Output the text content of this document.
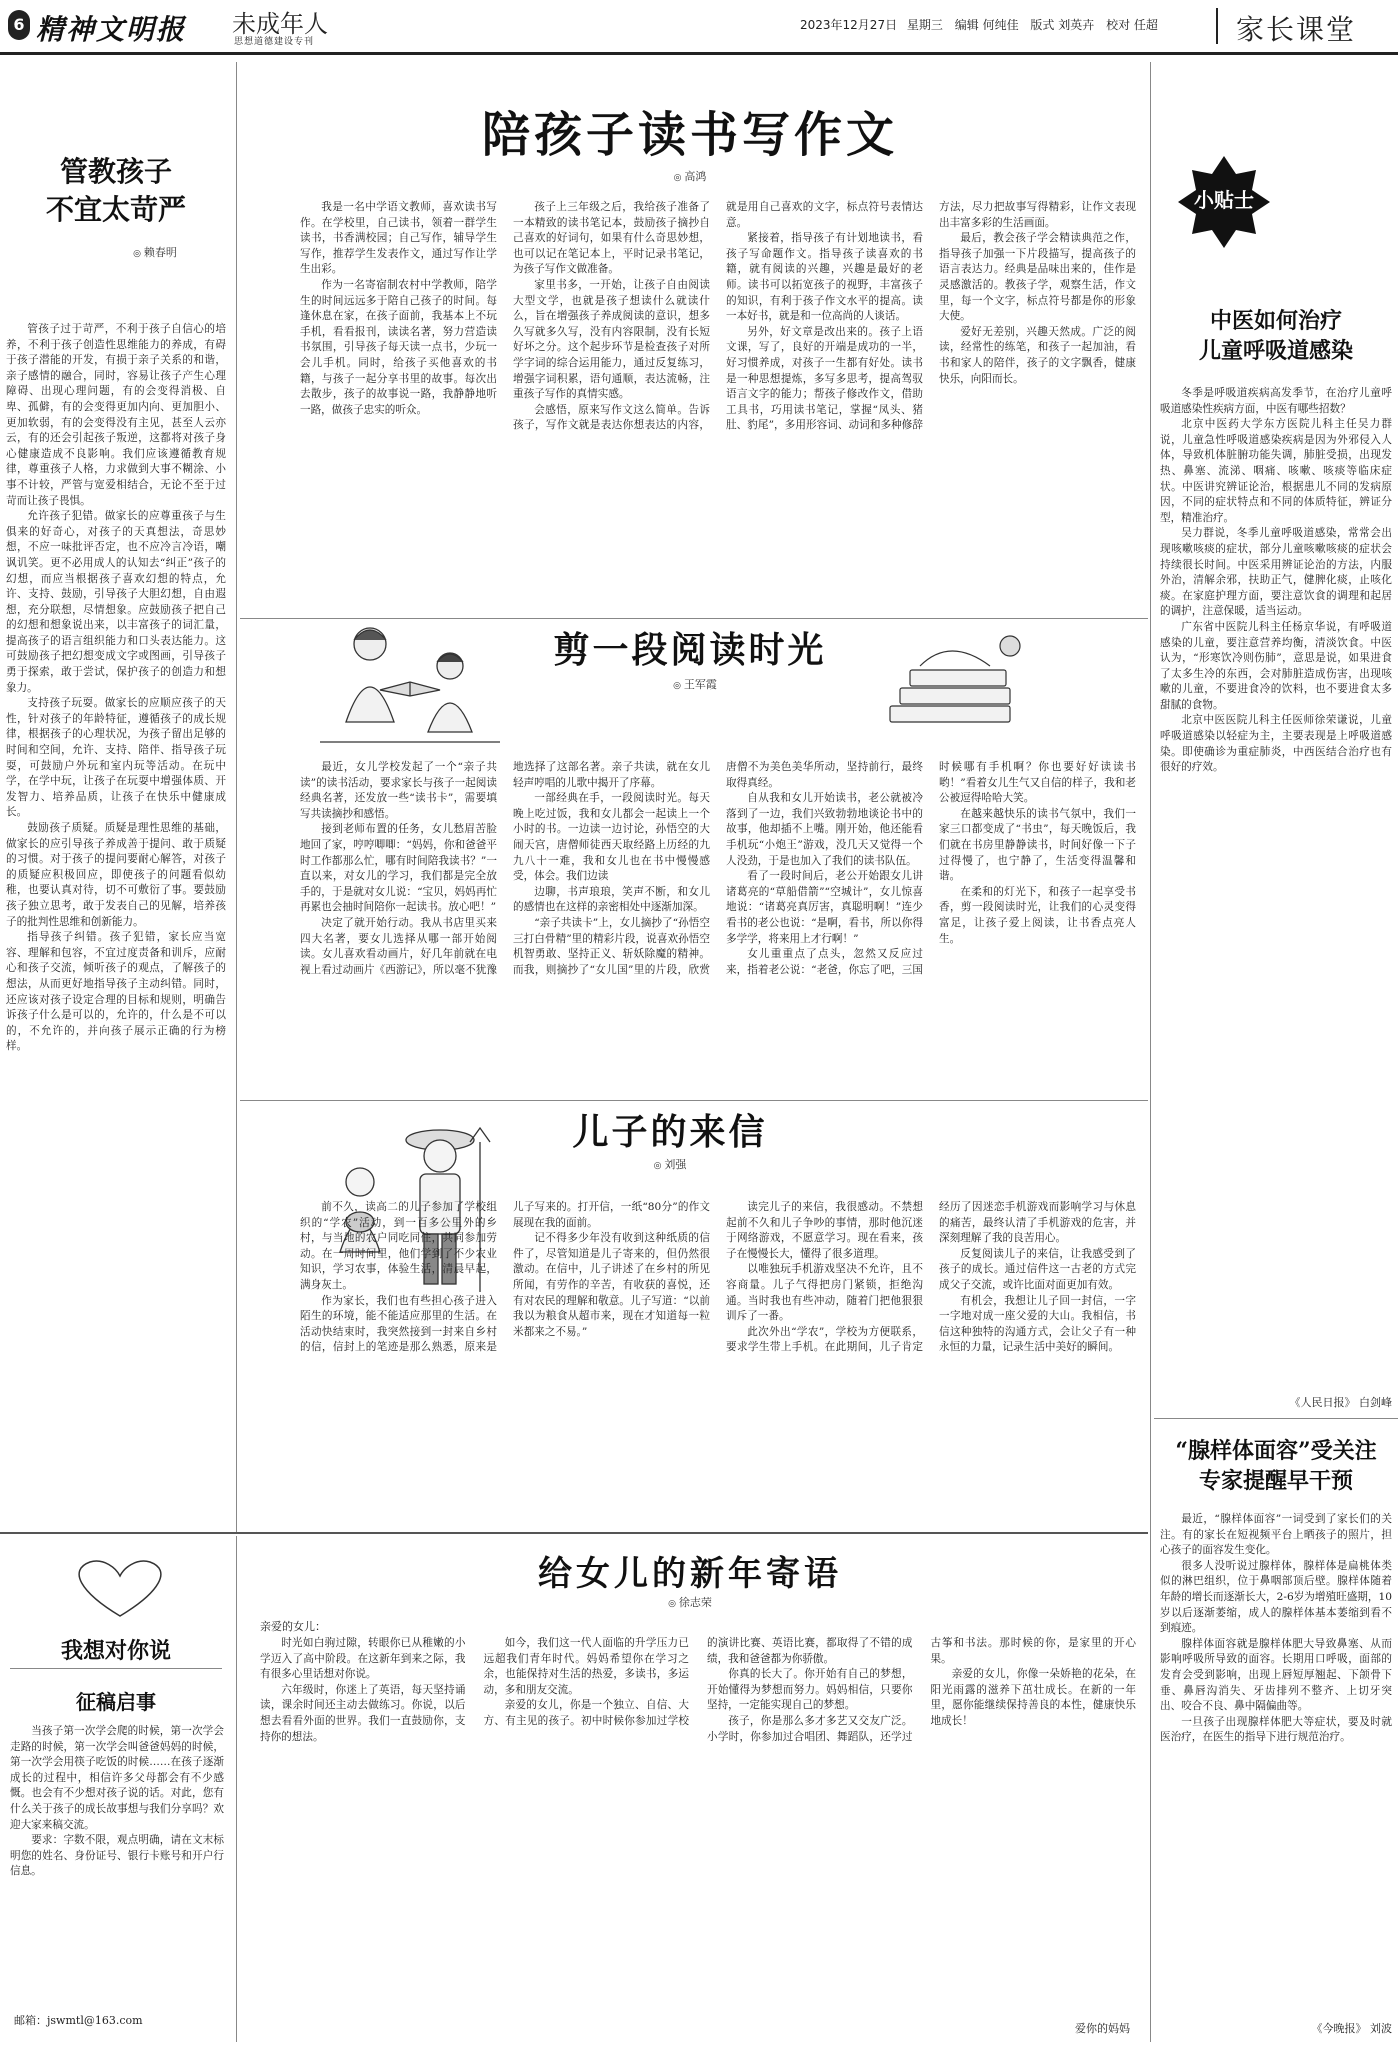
6 精神文明报 未成年人
思想道德建设专刊
2023年12月27日 星期三 编辑 何纯佳 版式 刘英卉 校对 任超	家长课堂
管教孩子
不宜太苛严
◎ 赖春明

管孩子过于苛严，不利于孩子自信心的培养，不利于孩子创造性思维能力的养成，有碍于孩子潜能的开发，有损于亲子关系的和谐，亲子感情的融合，同时，容易让孩子产生心理障碍、出现心理问题，有的会变得消极、自卑、孤僻，有的会变得更加内向、更加胆小、更加软弱，有的会变得没有主见，甚至人云亦云，有的还会引起孩子叛逆，这都将对孩子身心健康造成不良影响。我们应该遵循教育规律，尊重孩子人格，力求做到大事不糊涂、小事不计较，严管与宽爱相结合，无论不至于过苛而让孩子畏惧。

允许孩子犯错。做家长的应尊重孩子与生俱来的好奇心，对孩子的天真想法，奇思妙想，不应一味批评否定，也不应冷言冷语，嘲讽讥笑。更不必用成人的认知去“纠正”孩子的幻想，而应当根据孩子喜欢幻想的特点，允许、支持、鼓励，引导孩子大胆幻想，自由遐想，充分联想，尽情想象。应鼓励孩子把自己的幻想和想象说出来，以丰富孩子的词汇量，提高孩子的语言组织能力和口头表达能力。这可鼓励孩子把幻想变成文字或图画，引导孩子勇于探索，敢于尝试，保护孩子的创造力和想象力。

支持孩子玩耍。做家长的应顺应孩子的天性，针对孩子的年龄特征，遵循孩子的成长规律，根据孩子的心理状况，为孩子留出足够的时间和空间，允许、支持、陪伴、指导孩子玩耍，可鼓励户外玩和室内玩等活动。在玩中学，在学中玩，让孩子在玩耍中增强体质、开发智力、培养品质，让孩子在快乐中健康成长。

鼓励孩子质疑。质疑是理性思维的基础，做家长的应引导孩子养成善于提问、敢于质疑的习惯。对于孩子的提问要耐心解答，对孩子的质疑应积极回应，即使孩子的问题看似幼稚，也要认真对待，切不可敷衍了事。要鼓励孩子独立思考，敢于发表自己的见解，培养孩子的批判性思维和创新能力。

指导孩子纠错。孩子犯错，家长应当宽容、理解和包容，不宜过度责备和训斥，应耐心和孩子交流，倾听孩子的观点，了解孩子的想法，从而更好地指导孩子主动纠错。同时，还应该对孩子设定合理的目标和规则，明确告诉孩子什么是可以的，允许的，什么是不可以的，不允许的，并向孩子展示正确的行为榜样。

陪孩子读书写作文
◎ 高鸿

我是一名中学语文教师，喜欢读书写作。在学校里，自己读书，领着一群学生读书，书香满校园；自己写作，辅导学生写作，推荐学生发表作文，通过写作让学生出彩。

作为一名寄宿制农村中学教师，陪学生的时间远远多于陪自己孩子的时间。每逢休息在家，在孩子面前，我基本上不玩手机，看看报刊，读读名著，努力营造读书氛围，引导孩子每天读一点书，少玩一会儿手机。同时，给孩子买他喜欢的书籍，与孩子一起分享书里的故事。每次出去散步，孩子的故事说一路，我静静地听一路，做孩子忠实的听众。

孩子上三年级之后，我给孩子准备了一本精致的读书笔记本，鼓励孩子摘抄自己喜欢的好词句，如果有什么奇思妙想，也可以记在笔记本上，平时记录书笔记，为孩子写作文做准备。

家里书多，一开始，让孩子自由阅读大型文学，也就是孩子想读什么就读什么，旨在增强孩子养成阅读的意识，想多久写就多久写，没有内容限制，没有长短好坏之分。这个起步环节是检查孩子对所学字词的综合运用能力，通过反复练习，增强字词积累，语句通顺，表达流畅，注重孩子写作的真情实感。

会感悟，原来写作文这么简单。告诉孩子，写作文就是表达你想表达的内容，就是用自己喜欢的文字，标点符号表情达意。

紧接着，指导孩子有计划地读书，看孩子写命题作文。指导孩子读喜欢的书籍，就有阅读的兴趣，兴趣是最好的老师。读书可以拓宽孩子的视野，丰富孩子的知识，有利于孩子作文水平的提高。读一本好书，就是和一位高尚的人谈话。

另外，好文章是改出来的。孩子上语文课，写了，良好的开端是成功的一半，好习惯养成，对孩子一生都有好处。读书是一种思想提炼，多写多思考，提高驾驭语言文字的能力；帮孩子修改作文，借助工具书，巧用读书笔记，掌握“凤头、猪肚、豹尾”，多用形容词、动词和多种修辞方法，尽力把故事写得精彩，让作文表现出丰富多彩的生活画面。

最后，教会孩子学会精读典范之作，指导孩子加强一下片段描写，提高孩子的语言表达力。经典是品味出来的，佳作是灵感激活的。教孩子学，观察生活，作文里，每一个文字，标点符号都是你的形象大使。

爱好无差别，兴趣天然成。广泛的阅读，经常性的练笔，和孩子一起加油，看书和家人的陪伴，孩子的文字飘香，健康快乐，向阳而长。

剪一段阅读时光
◎ 王军霞

最近，女儿学校发起了一个“亲子共读”的读书活动，要求家长与孩子一起阅读经典名著，还发放一些“读书卡”，需要填写共读摘抄和感悟。

接到老师布置的任务，女儿愁眉苦脸地回了家，哼哼唧唧：“妈妈，你和爸爸平时工作都那么忙，哪有时间陪我读书？”一直以来，对女儿的学习，我们都是完全放手的，于是就对女儿说：“宝贝，妈妈再忙再累也会抽时间陪你一起读书。放心吧！”

决定了就开始行动。我从书店里买来四大名著，要女儿选择从哪一部开始阅读。女儿喜欢看动画片，好几年前就在电视上看过动画片《西游记》，所以毫不犹豫地选择了这部名著。亲子共读，就在女儿轻声哼唱的儿歌中揭开了序幕。

一部经典在手，一段阅读时光。每天晚上吃过饭，我和女儿都会一起读上一个小时的书。一边读一边讨论，孙悟空的大闹天宫，唐僧师徒西天取经路上历经的九九八十一难，我和女儿也在书中慢慢感受，体会。我们边读

边聊，书声琅琅，笑声不断，和女儿的感情也在这样的亲密相处中逐渐加深。

“亲子共读卡”上，女儿摘抄了“孙悟空三打白骨精”里的精彩片段，说喜欢孙悟空机智勇敢、坚持正义、斩妖除魔的精神。而我，则摘抄了“女儿国”里的片段，欣赏唐僧不为美色美华所动，坚持前行，最终取得真经。

自从我和女儿开始读书，老公就被冷落到了一边，我们兴致勃勃地谈论书中的故事，他却插不上嘴。刚开始，他还能看手机玩“小炮王”游戏，没几天又觉得一个人没劲，于是也加入了我们的读书队伍。

看了一段时间后，老公开始跟女儿讲诸葛亮的“草船借箭”“空城计”，女儿惊喜地说：“诸葛亮真厉害，真聪明啊！”连少看书的老公也说：“是啊，看书，所以你得多学学，将来用上才行啊！”

女儿重重点了点头，忽然又反应过来，指着老公说：“老爸，你忘了吧，三国时候哪有手机啊？你也要好好读读书哟！”看着女儿生气又自信的样子，我和老公被逗得哈哈大笑。

在越来越快乐的读书气氛中，我们一家三口都变成了“书虫”，每天晚饭后，我们就在书房里静静读书，时间好像一下子过得慢了，也宁静了，生活变得温馨和谐。

在柔和的灯光下，和孩子一起享受书香，剪一段阅读时光，让我们的心灵变得富足，让孩子爱上阅读，让书香点亮人生。

儿子的来信
◎ 刘强

前不久，读高二的儿子参加了学校组织的“学农”活动，到一百多公里外的乡村，与当地的农户同吃同住，共同参加劳动。在一周时间里，他们学到了不少农业知识，学习农事，体验生活，清晨早起，满身灰土。

作为家长，我们也有些担心孩子进入陌生的环境，能不能适应那里的生活。在活动快结束时，我突然接到一封来自乡村的信，信封上的笔迹是那么熟悉，原来是儿子写来的。打开信，一纸“80分”的作文展现在我的面前。

记不得多少年没有收到这种纸质的信件了，尽管知道是儿子寄来的，但仍然很激动。在信中，儿子讲述了在乡村的所见所闻，有劳作的辛苦，有收获的喜悦，还有对农民的理解和敬意。儿子写道：“以前我以为粮食从超市来，现在才知道每一粒米都来之不易。”

读完儿子的来信，我很感动。不禁想起前不久和儿子争吵的事情，那时他沉迷于网络游戏，不愿意学习。现在看来，孩子在慢慢长大，懂得了很多道理。

以唯独玩手机游戏坚决不允许，且不容商量。儿子气得把房门紧锁，拒绝沟通。当时我也有些冲动，随着门把他狠狠训斥了一番。

此次外出“学农”，学校为方便联系，要求学生带上手机。在此期间，儿子肯定经历了因迷恋手机游戏而影响学习与休息的痛苦，最终认清了手机游戏的危害，并深刻理解了我的良苦用心。

反复阅读儿子的来信，让我感受到了孩子的成长。通过信件这一古老的方式完成父子交流，或许比面对面更加有效。

有机会，我想让儿子回一封信，一字一字地对成一座父爱的大山。我相信，书信这种独特的沟通方式，会让父子有一种永恒的力量，记录生活中美好的瞬间。

小贴士
中医如何治疗
儿童呼吸道感染

冬季是呼吸道疾病高发季节，在治疗儿童呼吸道感染性疾病方面，中医有哪些招数？

北京中医药大学东方医院儿科主任吴力群说，儿童急性呼吸道感染疾病是因为外邪侵入人体，导致机体脏腑功能失调，肺脏受损，出现发热、鼻塞、流涕、咽痛、咳嗽、咳痰等临床症状。中医讲究辨证论治，根据患儿不同的发病原因，不同的症状特点和不同的体质特征，辨证分型，精准治疗。

吴力群说，冬季儿童呼吸道感染，常常会出现咳嗽咳痰的症状，部分儿童咳嗽咳痰的症状会持续很长时间。中医采用辨证论治的方法，内服外治，清解余邪，扶助正气，健脾化痰，止咳化痰。在家庭护理方面，要注意饮食的调理和起居的调护，注意保暖，适当运动。

广东省中医院儿科主任杨京华说，有呼吸道感染的儿童，要注意营养均衡，清淡饮食。中医认为，“形寒饮冷则伤肺”，意思是说，如果进食了太多生冷的东西，会对肺脏造成伤害，出现咳嗽的儿童，不要进食冷的饮料，也不要进食太多甜腻的食物。

北京中医医院儿科主任医师徐荣谦说，儿童呼吸道感染以轻症为主，主要表现是上呼吸道感染。即使确诊为重症肺炎，中西医结合治疗也有很好的疗效。

《人民日报》 白剑峰
“腺样体面容”受关注
专家提醒早干预

最近，“腺样体面容”一词受到了家长们的关注。有的家长在短视频平台上晒孩子的照片，担心孩子的面容发生变化。

很多人没听说过腺样体，腺样体是扁桃体类似的淋巴组织，位于鼻咽部顶后壁。腺样体随着年龄的增长而逐渐长大，2-6岁为增殖旺盛期，10岁以后逐渐萎缩，成人的腺样体基本萎缩到看不到痕迹。

腺样体面容就是腺样体肥大导致鼻塞、从而影响呼吸所导致的面容。长期用口呼吸，面部的发育会受到影响，出现上唇短厚翘起、下颌骨下垂、鼻唇沟消失、牙齿排列不整齐、上切牙突出、咬合不良、鼻中隔偏曲等。

一旦孩子出现腺样体肥大等症状，要及时就医治疗，在医生的指导下进行规范治疗。

《今晚报》 刘波
我想对你说
征稿启事

当孩子第一次学会爬的时候，第一次学会走路的时候，第一次学会叫爸爸妈妈的时候，第一次学会用筷子吃饭的时候……在孩子逐渐成长的过程中，相信许多父母都会有不少感慨。也会有不少想对孩子说的话。对此，您有什么关于孩子的成长故事想与我们分享吗？欢迎大家来稿交流。

要求：字数不限，观点明确，请在文末标明您的姓名、身份证号、银行卡账号和开户行信息。

邮箱：jswmtl@163.com
给女儿的新年寄语
◎ 徐志荣
亲爱的女儿：

时光如白驹过隙，转眼你已从稚嫩的小学迈入了高中阶段。在这新年到来之际，我有很多心里话想对你说。

六年级时，你迷上了英语，每天坚持诵读，课余时间还主动去做练习。你说，以后想去看看外面的世界。我们一直鼓励你，支持你的想法。

如今，我们这一代人面临的升学压力已远超我们青年时代。妈妈希望你在学习之余，也能保持对生活的热爱，多读书，多运动，多和朋友交流。

亲爱的女儿，你是一个独立、自信、大方、有主见的孩子。初中时候你参加过学校的演讲比赛、英语比赛，都取得了不错的成绩，我和爸爸都为你骄傲。

你真的长大了。你开始有自己的梦想，开始懂得为梦想而努力。妈妈相信，只要你坚持，一定能实现自己的梦想。

孩子，你是那么多才多艺又交友广泛。小学时，你参加过合唱团、舞蹈队，还学过古筝和书法。那时候的你，是家里的开心果。

亲爱的女儿，你像一朵娇艳的花朵，在阳光雨露的滋养下茁壮成长。在新的一年里，愿你能继续保持善良的本性，健康快乐地成长！

爱你的妈妈
